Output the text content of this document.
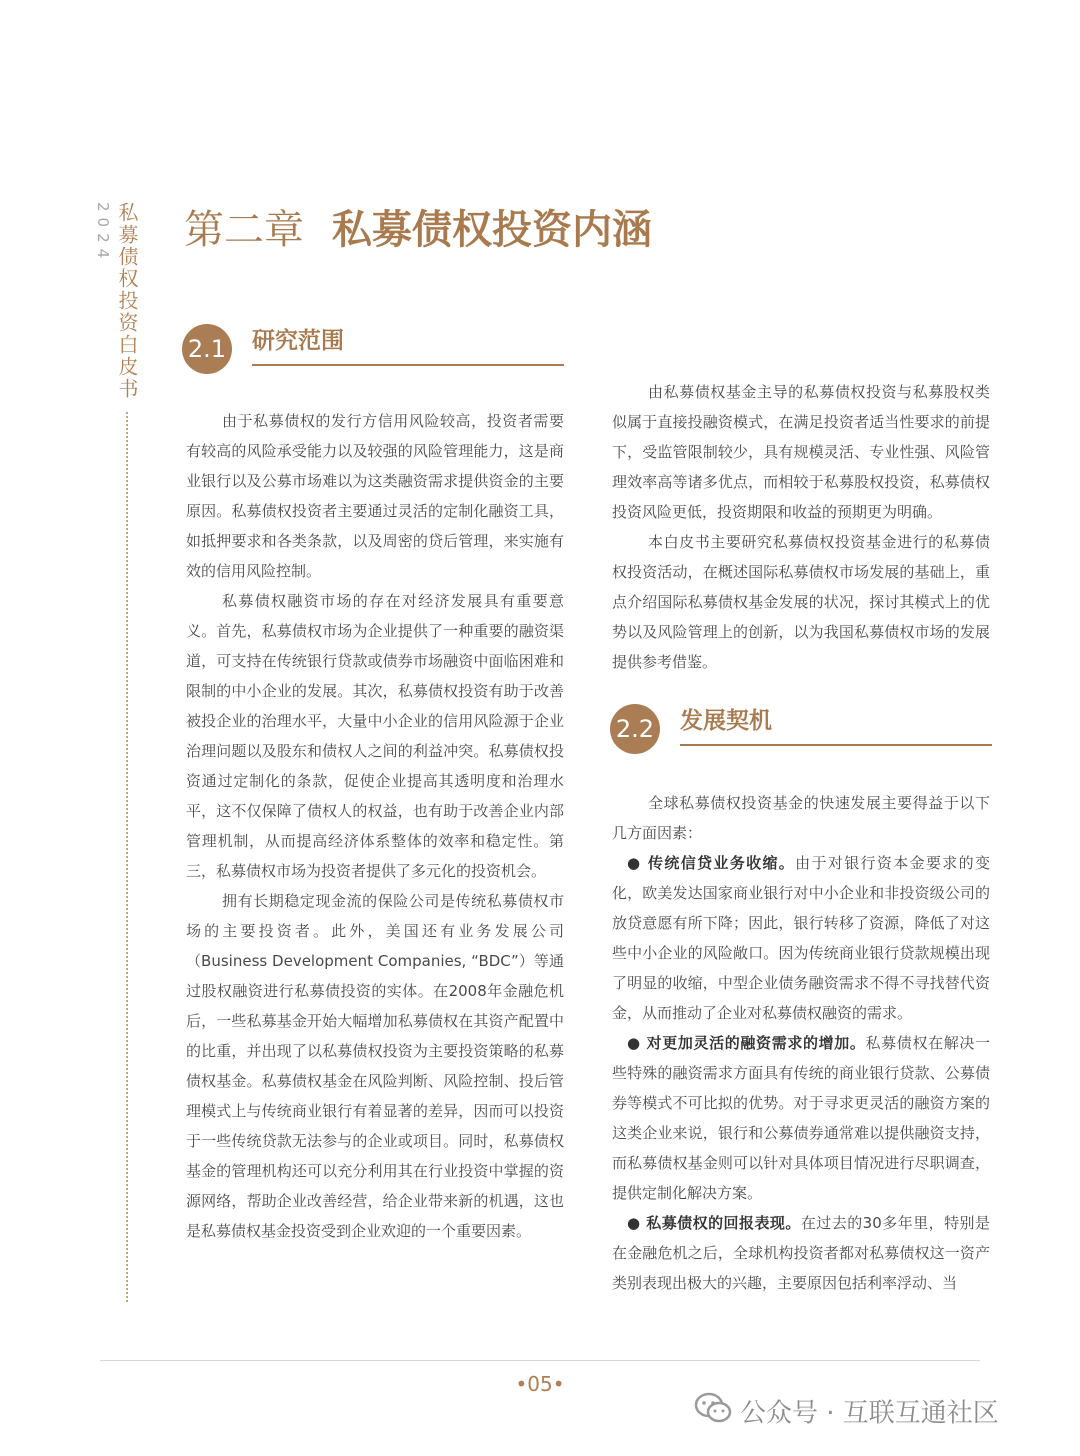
2024 私募债权投资白皮书 第二章 私募债权投资内涵
2.1 研究范围

由于私募债权的发行方信用风险较高，投资者需要有较高的风险承受能力以及较强的风险管理能力，这是商业银行以及公募市场难以为这类融资需求提供资金的主要原因。私募债权投资者主要通过灵活的定制化融资工具，如抵押要求和各类条款，以及周密的贷后管理，来实施有效的信用风险控制。

私募债权融资市场的存在对经济发展具有重要意义。首先，私募债权市场为企业提供了一种重要的融资渠道，可支持在传统银行贷款或债券市场融资中面临困难和限制的中小企业的发展。其次，私募债权投资有助于改善被投企业的治理水平，大量中小企业的信用风险源于企业治理问题以及股东和债权人之间的利益冲突。私募债权投资通过定制化的条款，促使企业提高其透明度和治理水平，这不仅保障了债权人的权益，也有助于改善企业内部管理机制，从而提高经济体系整体的效率和稳定性。第三，私募债权市场为投资者提供了多元化的投资机会。

拥有长期稳定现金流的保险公司是传统私募债权市场的主要投资者。此外，美国还有业务发展公司（Business Development Companies, “BDC”）等通过股权融资进行私募债投资的实体。在2008年金融危机后，一些私募基金开始大幅增加私募债权在其资产配置中的比重，并出现了以私募债权投资为主要投资策略的私募债权基金。私募债权基金在风险判断、风险控制、投后管理模式上与传统商业银行有着显著的差异，因而可以投资于一些传统贷款无法参与的企业或项目。同时，私募债权基金的管理机构还可以充分利用其在行业投资中掌握的资源网络，帮助企业改善经营，给企业带来新的机遇，这也是私募债权基金投资受到企业欢迎的一个重要因素。

由私募债权基金主导的私募债权投资与私募股权类似属于直接投融资模式，在满足投资者适当性要求的前提下，受监管限制较少，具有规模灵活、专业性强、风险管理效率高等诸多优点，而相较于私募股权投资，私募债权投资风险更低，投资期限和收益的预期更为明确。

本白皮书主要研究私募债权投资基金进行的私募债权投资活动，在概述国际私募债权市场发展的基础上，重点介绍国际私募债权基金发展的状况，探讨其模式上的优势以及风险管理上的创新，以为我国私募债权市场的发展提供参考借鉴。

2.2 发展契机

全球私募债权投资基金的快速发展主要得益于以下几方面因素：

● 传统信贷业务收缩。由于对银行资本金要求的变化，欧美发达国家商业银行对中小企业和非投资级公司的放贷意愿有所下降；因此，银行转移了资源，降低了对这些中小企业的风险敞口。因为传统商业银行贷款规模出现了明显的收缩，中型企业债务融资需求不得不寻找替代资金，从而推动了企业对私募债权融资的需求。

● 对更加灵活的融资需求的增加。私募债权在解决一些特殊的融资需求方面具有传统的商业银行贷款、公募债券等模式不可比拟的优势。对于寻求更灵活的融资方案的这类企业来说，银行和公募债券通常难以提供融资支持，而私募债权基金则可以针对具体项目情况进行尽职调查，提供定制化解决方案。

● 私募债权的回报表现。在过去的30多年里，特别是在金融危机之后，全球机构投资者都对私募债权这一资产类别表现出极大的兴趣，主要原因包括利率浮动、当

•05•
公众号 · 互联互通社区
